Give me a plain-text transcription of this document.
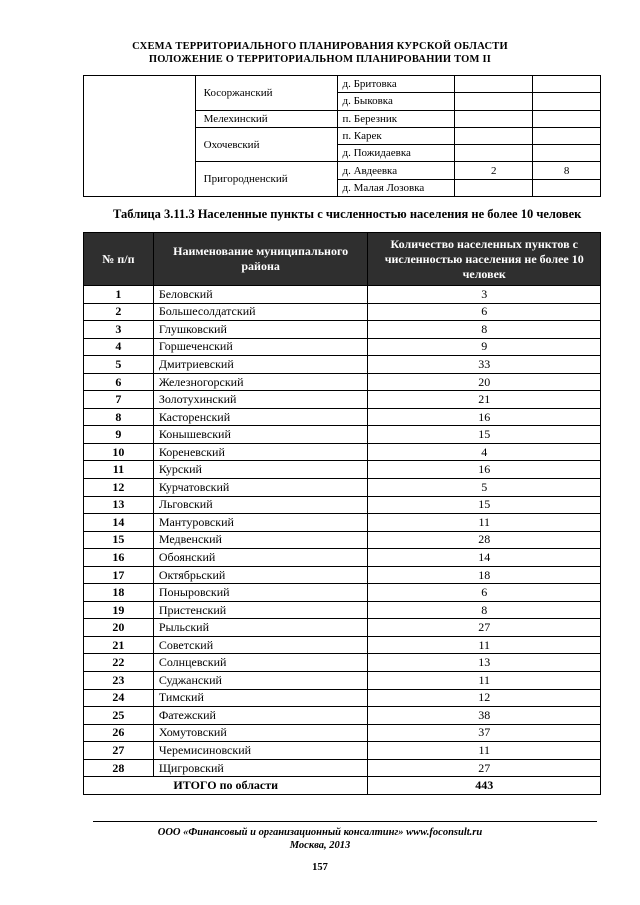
СХЕМА ТЕРРИТОРИАЛЬНОГО ПЛАНИРОВАНИЯ КУРСКОЙ ОБЛАСТИ
ПОЛОЖЕНИЕ О ТЕРРИТОРИАЛЬНОМ ПЛАНИРОВАНИИ ТОМ II
	Косоржанский	д. Бритовка		
		д. Быковка		
	Мелехинский	п. Березник		
	Охочевский	п. Карек		
		д. Пожидаевка		
	Пригородненский	д. Авдеевка	2	8
		д. Малая Лозовка		
Таблица 3.11.3 Населенные пункты с численностью населения не более 10 человек
№ п/п	Наименование муниципального района	Количество населенных пунктов с численностью населения не более 10 человек
1	Беловский	3
2	Большесолдатский	6
3	Глушковский	8
4	Горшеченский	9
5	Дмитриевский	33
6	Железногорский	20
7	Золотухинский	21
8	Касторенский	16
9	Конышевский	15
10	Кореневский	4
11	Курский	16
12	Курчатовский	5
13	Льговский	15
14	Мантуровский	11
15	Медвенский	28
16	Обоянский	14
17	Октябрьский	18
18	Поныровский	6
19	Пристенский	8
20	Рыльский	27
21	Советский	11
22	Солнцевский	13
23	Суджанский	11
24	Тимский	12
25	Фатежский	38
26	Хомутовский	37
27	Черемисиновский	11
28	Щигровский	27
ИТОГО по области		443
ООО «Финансовый и организационный консалтинг» www.foconsult.ru
Москва, 2013
157
